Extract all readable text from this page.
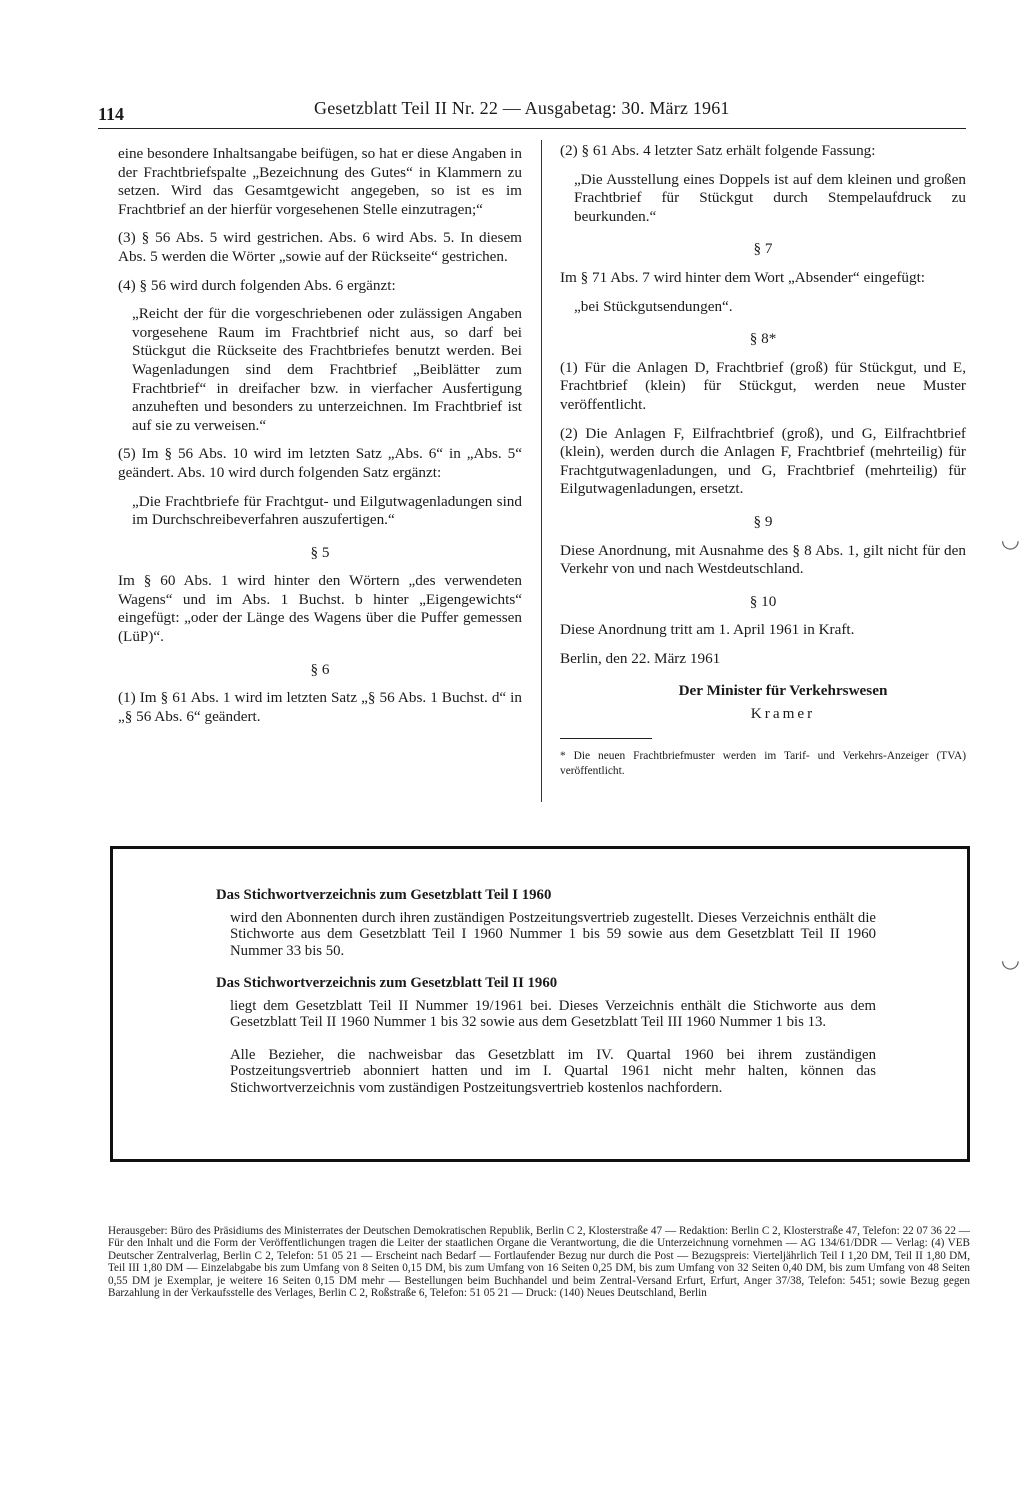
114	Gesetzblatt Teil II Nr. 22 — Ausgabetag: 30. März 1961

eine besondere Inhaltsangabe beifügen, so hat er diese Angaben in der Frachtbriefspalte „Bezeichnung des Gutes“ in Klammern zu setzen. Wird das Gesamtgewicht angegeben, so ist es im Frachtbrief an der hierfür vorgesehenen Stelle einzutragen;“

(3) § 56 Abs. 5 wird gestrichen. Abs. 6 wird Abs. 5. In diesem Abs. 5 werden die Wörter „sowie auf der Rückseite“ gestrichen.

(4) § 56 wird durch folgenden Abs. 6 ergänzt:

„Reicht der für die vorgeschriebenen oder zulässigen Angaben vorgesehene Raum im Frachtbrief nicht aus, so darf bei Stückgut die Rückseite des Frachtbriefes benutzt werden. Bei Wagenladungen sind dem Frachtbrief „Beiblätter zum Frachtbrief“ in dreifacher bzw. in vierfacher Ausfertigung anzuheften und besonders zu unterzeichnen. Im Frachtbrief ist auf sie zu verweisen.“

(5) Im § 56 Abs. 10 wird im letzten Satz „Abs. 6“ in „Abs. 5“ geändert. Abs. 10 wird durch folgenden Satz ergänzt:

„Die Frachtbriefe für Frachtgut- und Eilgutwagenladungen sind im Durchschreibeverfahren auszufertigen.“

§ 5

Im § 60 Abs. 1 wird hinter den Wörtern „des verwendeten Wagens“ und im Abs. 1 Buchst. b hinter „Eigengewichts“ eingefügt: „oder der Länge des Wagens über die Puffer gemessen (LüP)“.

§ 6

(1) Im § 61 Abs. 1 wird im letzten Satz „§ 56 Abs. 1 Buchst. d“ in „§ 56 Abs. 6“ geändert.

(2) § 61 Abs. 4 letzter Satz erhält folgende Fassung:

„Die Ausstellung eines Doppels ist auf dem kleinen und großen Frachtbrief für Stückgut durch Stempelaufdruck zu beurkunden.“

§ 7

Im § 71 Abs. 7 wird hinter dem Wort „Absender“ eingefügt:

„bei Stückgutsendungen“.

§ 8*

(1) Für die Anlagen D, Frachtbrief (groß) für Stückgut, und E, Frachtbrief (klein) für Stückgut, werden neue Muster veröffentlicht.

(2) Die Anlagen F, Eilfrachtbrief (groß), und G, Eilfrachtbrief (klein), werden durch die Anlagen F, Frachtbrief (mehrteilig) für Frachtgutwagenladungen, und G, Frachtbrief (mehrteilig) für Eilgutwagenladungen, ersetzt.

§ 9

Diese Anordnung, mit Ausnahme des § 8 Abs. 1, gilt nicht für den Verkehr von und nach Westdeutschland.

§ 10

Diese Anordnung tritt am 1. April 1961 in Kraft.

Berlin, den 22. März 1961

Der Minister für Verkehrswesen
Kramer

* Die neuen Frachtbriefmuster werden im Tarif- und Verkehrs-Anzeiger (TVA) veröffentlicht.

Das Stichwortverzeichnis zum Gesetzblatt Teil I 1960

wird den Abonnenten durch ihren zuständigen Postzeitungsvertrieb zugestellt. Dieses Verzeichnis enthält die Stichworte aus dem Gesetzblatt Teil I 1960 Nummer 1 bis 59 sowie aus dem Gesetzblatt Teil II 1960 Nummer 33 bis 50.

Das Stichwortverzeichnis zum Gesetzblatt Teil II 1960

liegt dem Gesetzblatt Teil II Nummer 19/1961 bei. Dieses Verzeichnis enthält die Stichworte aus dem Gesetzblatt Teil II 1960 Nummer 1 bis 32 sowie aus dem Gesetzblatt Teil III 1960 Nummer 1 bis 13.

Alle Bezieher, die nachweisbar das Gesetzblatt im IV. Quartal 1960 bei ihrem zuständigen Postzeitungsvertrieb abonniert hatten und im I. Quartal 1961 nicht mehr halten, können das Stichwortverzeichnis vom zuständigen Postzeitungsvertrieb kostenlos nachfordern.

Herausgeber: Büro des Präsidiums des Ministerrates der Deutschen Demokratischen Republik, Berlin C 2, Klosterstraße 47 — Redaktion: Berlin C 2, Klosterstraße 47, Telefon: 22 07 36 22 — Für den Inhalt und die Form der Veröffentlichungen tragen die Leiter der staatlichen Organe die Verantwortung, die die Unterzeichnung vornehmen — AG 134/61/DDR — Verlag: (4) VEB Deutscher Zentralverlag, Berlin C 2, Telefon: 51 05 21 — Erscheint nach Bedarf — Fortlaufender Bezug nur durch die Post — Bezugspreis: Vierteljährlich Teil I 1,20 DM, Teil II 1,80 DM, Teil III 1,80 DM — Einzelabgabe bis zum Umfang von 8 Seiten 0,15 DM, bis zum Umfang von 16 Seiten 0,25 DM, bis zum Umfang von 32 Seiten 0,40 DM, bis zum Umfang von 48 Seiten 0,55 DM je Exemplar, je weitere 16 Seiten 0,15 DM mehr — Bestellungen beim Buchhandel und beim Zentral-Versand Erfurt, Erfurt, Anger 37/38, Telefon: 5451; sowie Bezug gegen Barzahlung in der Verkaufsstelle des Verlages, Berlin C 2, Roßstraße 6, Telefon: 51 05 21 — Druck: (140) Neues Deutschland, Berlin
◡
◡
